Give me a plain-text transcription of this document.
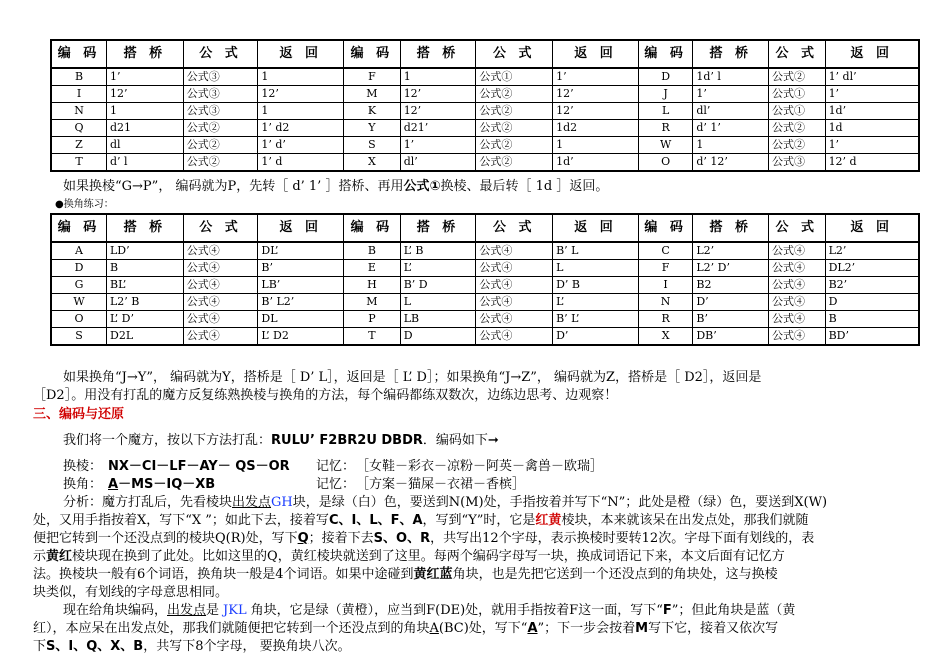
编 码	搭 桥	公 式	返 回	编 码	搭 桥	公 式	返 回	编 码	搭 桥	公 式	返 回
B	1’	公式③	1	F	1	公式①	1’	D	1d’ l	公式②	1’ dl’
I	12’	公式③	12’	M	12’	公式②	12’	J	1’	公式①	1’
N	1	公式③	1	K	12’	公式②	12’	L	dl’	公式①	1d’
Q	d21	公式②	1’ d2	Y	d21’	公式②	1d2	R	d’ 1’	公式②	1d
Z	dl	公式②	1’ d’	S	1’	公式②	1	W	1	公式②	1’
T	d’ l	公式②	1’ d	X	dl’	公式②	1d’	O	d’ 12’	公式③	12’ d
如果换棱“G→P”， 编码就为P，先转［ d’ 1’ ］搭桥、再用公式①换棱、最后转［ 1d ］返回。
●换角练习：
编 码	搭 桥	公 式	返 回	编 码	搭 桥	公 式	返 回	编 码	搭 桥	公 式	返 回
A	LD’	公式④	DL’	B	L’ B	公式④	B’ L	C	L2’	公式④	L2’
D	B	公式④	B’	E	L’	公式④	L	F	L2’ D’	公式④	DL2’
G	BL’	公式④	LB’	H	B’ D	公式④	D’ B	I	B2	公式④	B2’
W	L2’ B	公式④	B’ L2’	M	L	公式④	L’	N	D’	公式④	D
O	L’ D’	公式④	DL	P	LB	公式④	B’ L’	R	B’	公式④	B
S	D2L	公式④	L’ D2	T	D	公式④	D’	X	DB’	公式④	BD’
如果换角“J→Y”， 编码就为Y，搭桥是［ D’ L］，返回是［ L’ D］；如果换角“J→Z”， 编码就为Z，搭桥是［ D2］，返回是
［D2］。用没有打乱的魔方反复练熟换棱与换角的方法，每个编码都练双数次，边练边思考、边观察！
三、编码与还原
我们将一个魔方，按以下方法打乱：RULU’ F2BR2U DBDR．编码如下➞
换棱： NX－CI－LF－AY－ QS－OR 记忆： ［女鞋－彩衣－凉粉－阿英－禽兽－欧瑞］
换角： A－MS－IQ－XB	记忆： ［方案－猫屎－衣裙－香槟］
分析：魔方打乱后，先看棱块出发点GH块，是绿（白）色，要送到N(M)处，手指按着并写下“N”；此处是橙（绿）色，要送到X(W)
处，又用手指按着X，写下“X ”；如此下去，接着写C、I、L、F、A，写到“Y”时，它是红黄棱块，本来就该呆在出发点处，那我们就随
便把它转到一个还没点到的棱块Q(R)处，写下Q；接着下去S、O、R，共写出12个字母，表示换棱时要转12次。字母下面有划线的，表
示黄红棱块现在换到了此处。比如这里的Q，黄红棱块就送到了这里。每两个编码字母写一块，换成词语记下来，本文后面有记忆方
法。换棱块一般有6个词语，换角块一般是4个词语。如果中途碰到黄红蓝角块，也是先把它送到一个还没点到的角块处，这与换棱
块类似，有划线的字母意思相同。
现在给角块编码，出发点是 JKL 角块，它是绿（黄橙），应当到F(DE)处，就用手指按着F这一面，写下“F”；但此角块是蓝（黄
红），本应呆在出发点处，那我们就随便把它转到一个还没点到的角块A(BC)处，写下“A”；下一步会按着M写下它，接着又依次写
下S、I、Q、X、B，共写下8个字母， 要换角块八次。
